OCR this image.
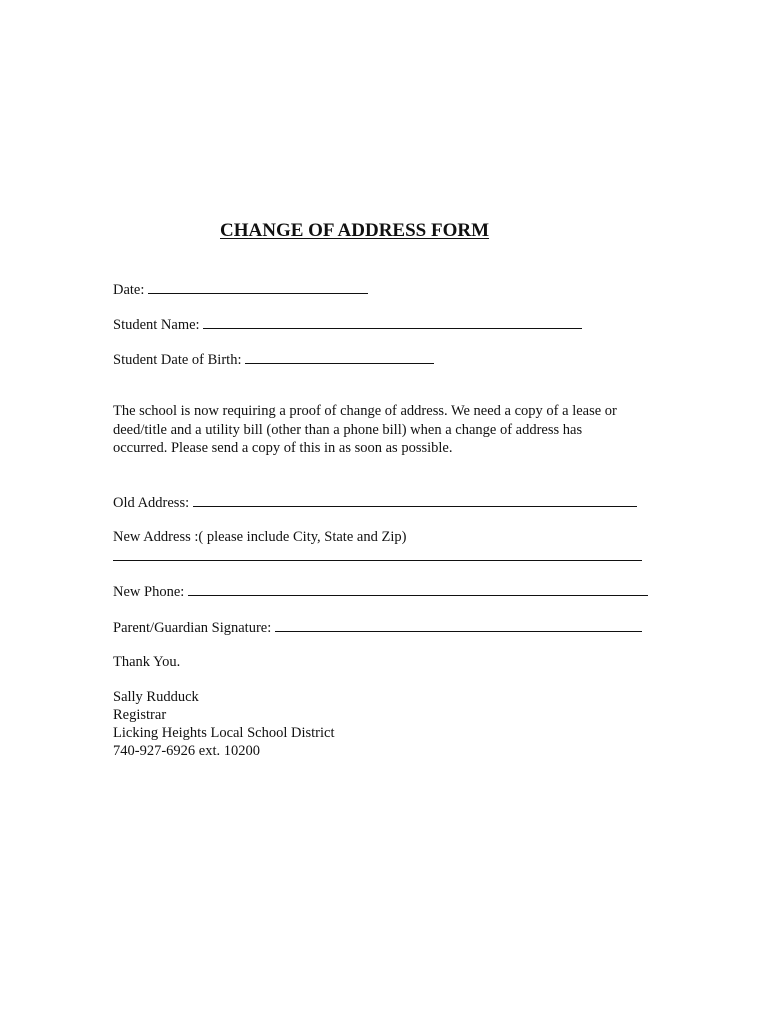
CHANGE OF ADDRESS FORM
Date:
Student Name:
Student Date of Birth:
The school is now requiring a proof of change of address. We need a copy of a lease or
deed/title and a utility bill (other than a phone bill) when a change of address has
occurred. Please send a copy of this in as soon as possible.
Old Address:
New Address :( please include City, State and Zip)
New Phone:
Parent/Guardian Signature:
Thank You.
Sally Rudduck
Registrar
Licking Heights Local School District
740-927-6926 ext. 10200
